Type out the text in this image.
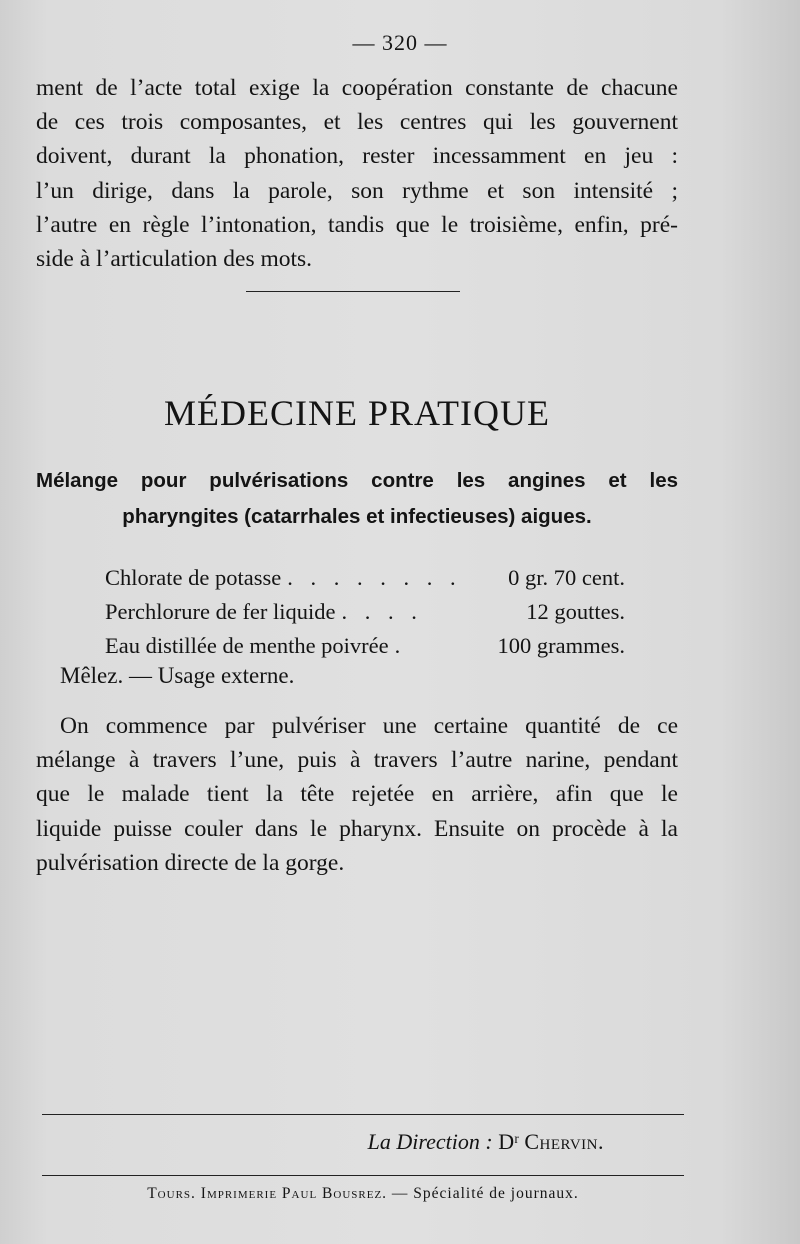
— 320 —
ment de l’acte total exige la coopération constante de chacune
de ces trois composantes, et les centres qui les gouvernent
doivent, durant la phonation, rester incessamment en jeu :
l’un dirige, dans la parole, son rythme et son intensité ;
l’autre en règle l’intonation, tandis que le troisième, enfin, pré-
side à l’articulation des mots.
MÉDECINE PRATIQUE
Mélange pour pulvérisations contre les angines et les
pharyngites (catarrhales et infectieuses) aigues.
Chlorate de potasse . . . . . . . .	0 gr. 70 cent.
Perchlorure de fer liquide . . . .	12 gouttes.
Eau distillée de menthe poivrée .	100 grammes.
Mêlez. — Usage externe.
On commence par pulvériser une certaine quantité de ce
mélange à travers l’une, puis à travers l’autre narine, pendant
que le malade tient la tête rejetée en arrière, afin que le
liquide puisse couler dans le pharynx. Ensuite on procède à la
pulvérisation directe de la gorge.
La Direction : Dʳ Chervin.
Tours. Imprimerie Paul Bousrez. — Spécialité de journaux.
